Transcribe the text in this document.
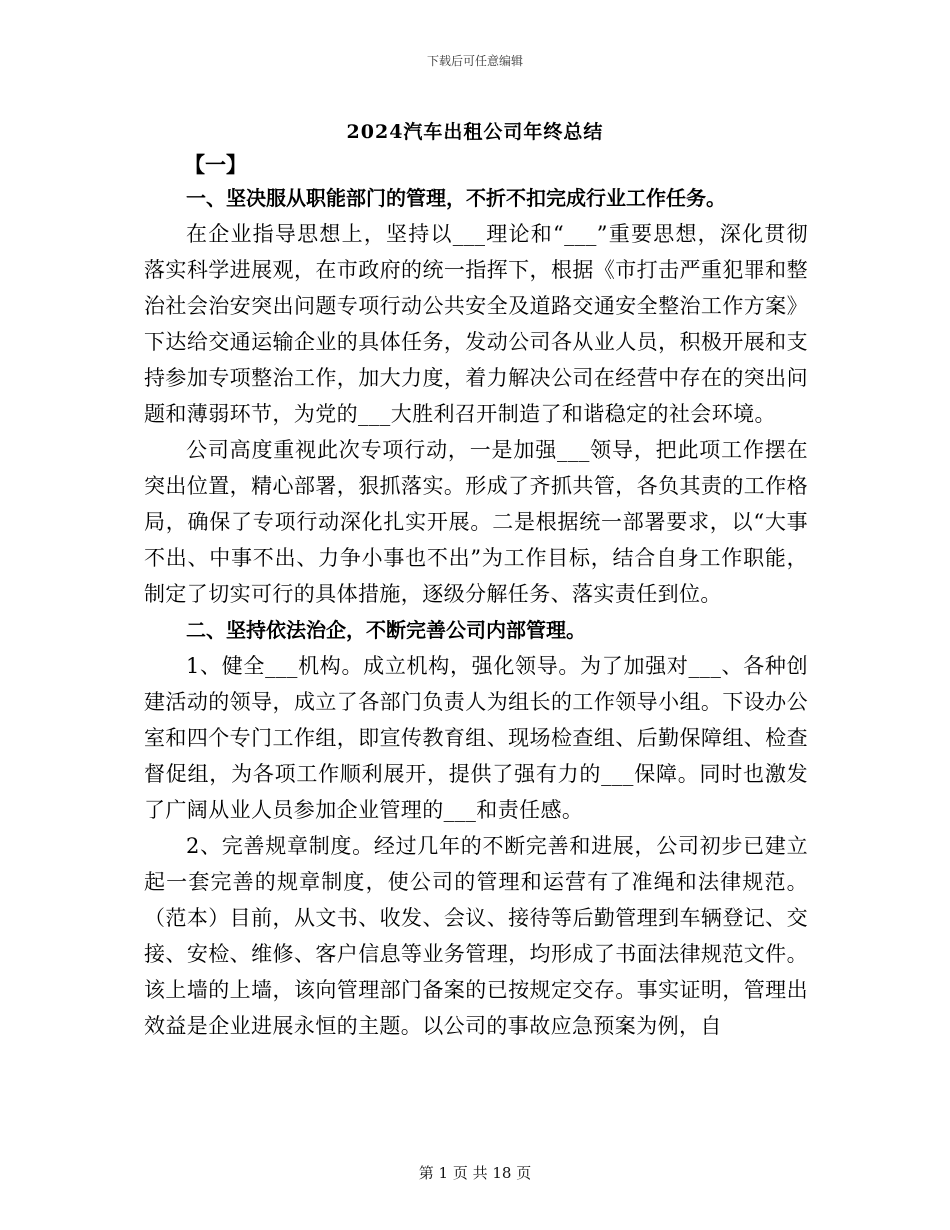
下载后可任意编辑
2024汽车出租公司年终总结
【一】

一、坚决服从职能部门的管理，不折不扣完成行业工作任务。

在企业指导思想上，坚持以___理论和“___”重要思想，深化贯彻落实科学进展观，在市政府的统一指挥下，根据《市打击严重犯罪和整治社会治安突出问题专项行动公共安全及道路交通安全整治工作方案》下达给交通运输企业的具体任务，发动公司各从业人员，积极开展和支持参加专项整治工作，加大力度，着力解决公司在经营中存在的突出问题和薄弱环节，为党的___大胜利召开制造了和谐稳定的社会环境。

公司高度重视此次专项行动，一是加强___领导，把此项工作摆在突出位置，精心部署，狠抓落实。形成了齐抓共管，各负其责的工作格局，确保了专项行动深化扎实开展。二是根据统一部署要求，以“大事不出、中事不出、力争小事也不出”为工作目标，结合自身工作职能，制定了切实可行的具体措施，逐级分解任务、落实责任到位。

二、坚持依法治企，不断完善公司内部管理。

1、健全___机构。成立机构，强化领导。为了加强对___、各种创建活动的领导，成立了各部门负责人为组长的工作领导小组。下设办公室和四个专门工作组，即宣传教育组、现场检查组、后勤保障组、检查督促组，为各项工作顺利展开，提供了强有力的___保障。同时也激发了广阔从业人员参加企业管理的___和责任感。

2、完善规章制度。经过几年的不断完善和进展，公司初步已建立起一套完善的规章制度，使公司的管理和运营有了准绳和法律规范。（范本）目前，从文书、收发、会议、接待等后勤管理到车辆登记、交接、安检、维修、客户信息等业务管理，均形成了书面法律规范文件。该上墙的上墙，该向管理部门备案的已按规定交存。事实证明，管理出效益是企业进展永恒的主题。以公司的事故应急预案为例，自

第 1 页 共 18 页
